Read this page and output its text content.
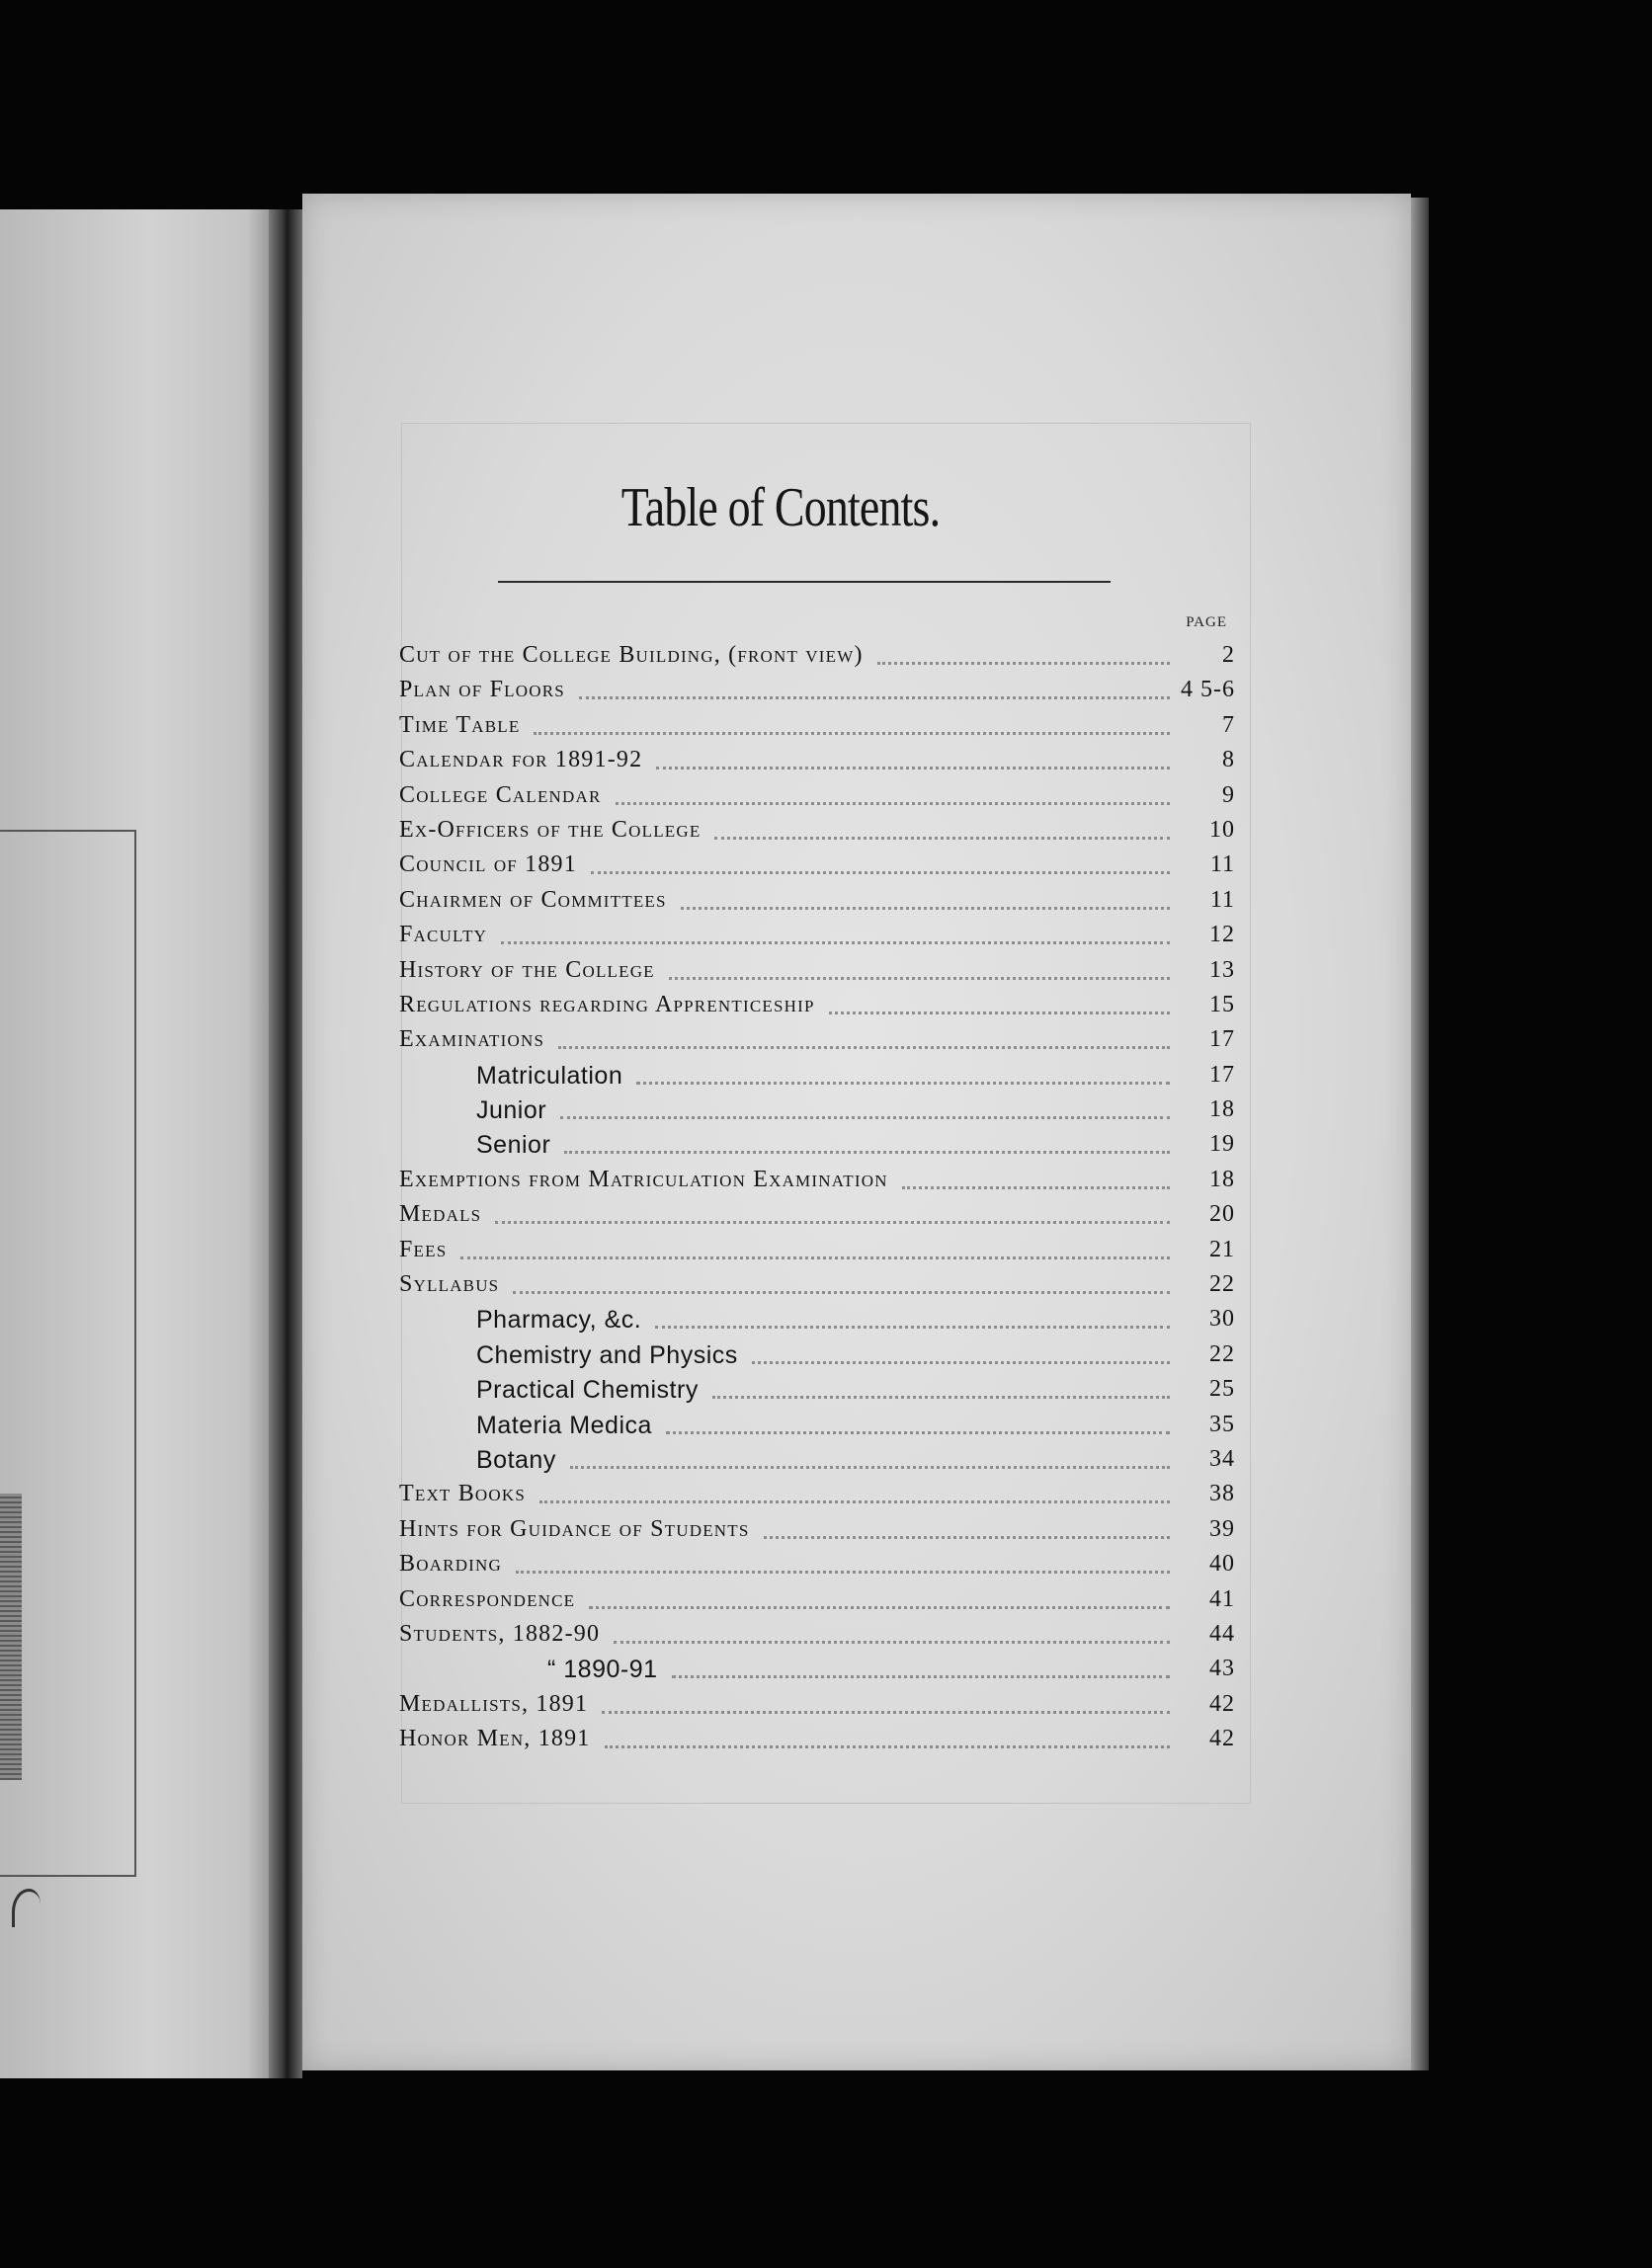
Table of Contents.
PAGE
Cut of the College Building, (front view)	2
Plan of Floors	4 5-6
Time Table	7
Calendar for 1891-92	8
College Calendar	9
Ex-Officers of the College	10
Council of 1891	11
Chairmen of Committees	11
Faculty	12
History of the College	13
Regulations regarding Apprenticeship	15
Examinations	17
Matriculation	17
Junior	18
Senior	19
Exemptions from Matriculation Examination	18
Medals	20
Fees	21
Syllabus	22
Pharmacy, &c.	30
Chemistry and Physics	22
Practical Chemistry	25
Materia Medica	35
Botany	34
Text Books	38
Hints for Guidance of Students	39
Boarding	40
Correspondence	41
Students, 1882-90	44
“ 1890-91	43
Medallists, 1891	42
Honor Men, 1891	42
